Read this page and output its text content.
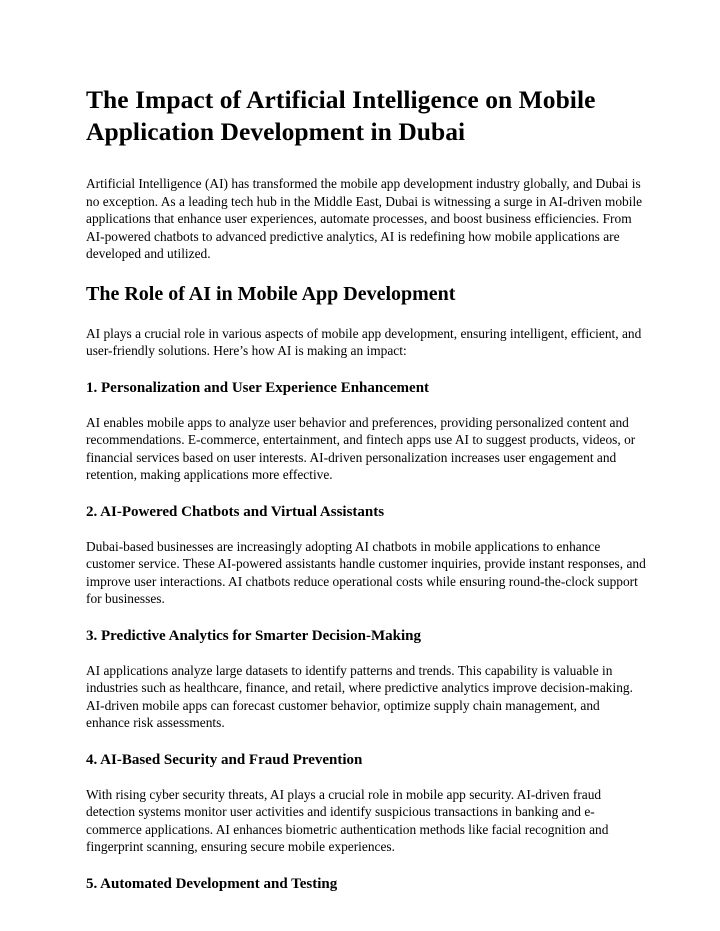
The Impact of Artificial Intelligence on Mobile Application Development in Dubai

Artificial Intelligence (AI) has transformed the mobile app development industry globally, and Dubai is no exception. As a leading tech hub in the Middle East, Dubai is witnessing a surge in AI-driven mobile applications that enhance user experiences, automate processes, and boost business efficiencies. From AI-powered chatbots to advanced predictive analytics, AI is redefining how mobile applications are developed and utilized.

The Role of AI in Mobile App Development

AI plays a crucial role in various aspects of mobile app development, ensuring intelligent, efficient, and user-friendly solutions. Here’s how AI is making an impact:

1. Personalization and User Experience Enhancement

AI enables mobile apps to analyze user behavior and preferences, providing personalized content and recommendations. E-commerce, entertainment, and fintech apps use AI to suggest products, videos, or financial services based on user interests. AI-driven personalization increases user engagement and retention, making applications more effective.

2. AI-Powered Chatbots and Virtual Assistants

Dubai-based businesses are increasingly adopting AI chatbots in mobile applications to enhance customer service. These AI-powered assistants handle customer inquiries, provide instant responses, and improve user interactions. AI chatbots reduce operational costs while ensuring round-the-clock support for businesses.

3. Predictive Analytics for Smarter Decision-Making

AI applications analyze large datasets to identify patterns and trends. This capability is valuable in industries such as healthcare, finance, and retail, where predictive analytics improve decision-making. AI-driven mobile apps can forecast customer behavior, optimize supply chain management, and enhance risk assessments.

4. AI-Based Security and Fraud Prevention

With rising cyber security threats, AI plays a crucial role in mobile app security. AI-driven fraud detection systems monitor user activities and identify suspicious transactions in banking and e-commerce applications. AI enhances biometric authentication methods like facial recognition and fingerprint scanning, ensuring secure mobile experiences.

5. Automated Development and Testing
